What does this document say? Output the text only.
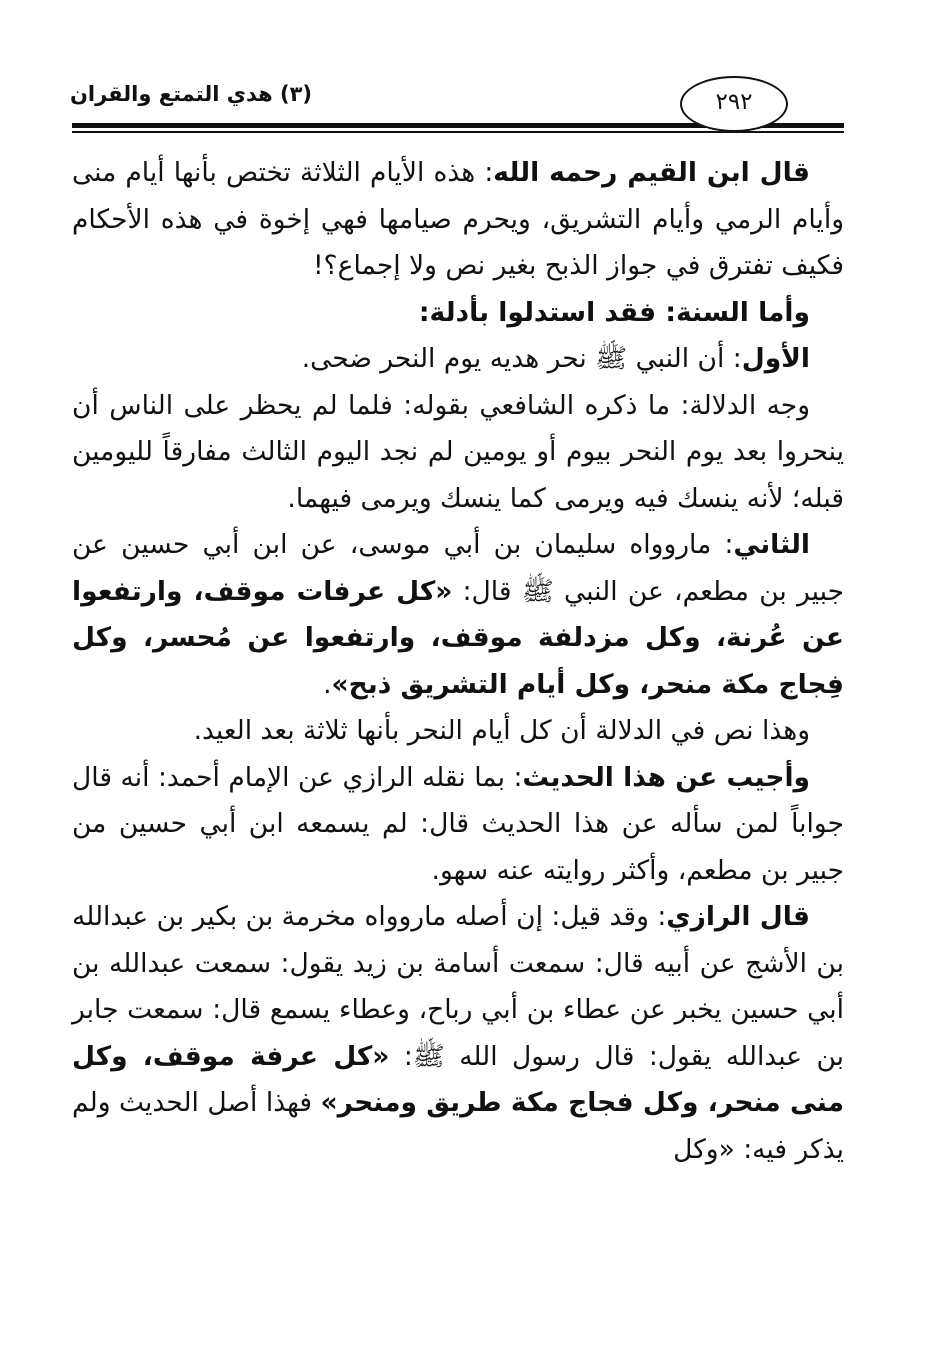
(٣) هدي التمتع والقران	٢٩٢

قال ابن القيم رحمه الله: هذه الأيام الثلاثة تختص بأنها أيام منى وأيام الرمي وأيام التشريق، ويحرم صيامها فهي إخوة في هذه الأحكام فكيف تفترق في جواز الذبح بغير نص ولا إجماع؟!

وأما السنة: فقد استدلوا بأدلة:

الأول: أن النبي ﷺ نحر هديه يوم النحر ضحى.

وجه الدلالة: ما ذكره الشافعي بقوله: فلما لم يحظر على الناس أن ينحروا بعد يوم النحر بيوم أو يومين لم نجد اليوم الثالث مفارقاً لليومين قبله؛ لأنه ينسك فيه ويرمى كما ينسك ويرمى فيهما.

الثاني: ماروواه سليمان بن أبي موسى، عن ابن أبي حسين عن جبير بن مطعم، عن النبي ﷺ قال: «كل عرفات موقف، وارتفعوا عن عُرنة، وكل مزدلفة موقف، وارتفعوا عن مُحسر، وكل فِجاج مكة منحر، وكل أيام التشريق ذبح».

وهذا نص في الدلالة أن كل أيام النحر بأنها ثلاثة بعد العيد.

وأجيب عن هذا الحديث: بما نقله الرازي عن الإمام أحمد: أنه قال جواباً لمن سأله عن هذا الحديث قال: لم يسمعه ابن أبي حسين من جبير بن مطعم، وأكثر روايته عنه سهو.

قال الرازي: وقد قيل: إن أصله ماروواه مخرمة بن بكير بن عبدالله بن الأشج عن أبيه قال: سمعت أسامة بن زيد يقول: سمعت عبدالله بن أبي حسين يخبر عن عطاء بن أبي رباح، وعطاء يسمع قال: سمعت جابر بن عبدالله يقول: قال رسول الله ﷺ: «كل عرفة موقف، وكل منى منحر، وكل فجاج مكة طريق ومنحر» فهذا أصل الحديث ولم يذكر فيه: «وكل
